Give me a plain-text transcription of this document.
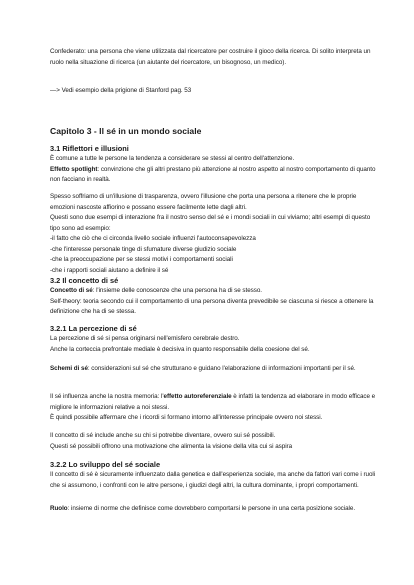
Confederato: una persona che viene utilizzata dal ricercatore per costruire il gioco della ricerca. Di solito interpreta un ruolo nella situazione di ricerca (un aiutante del ricercatore, un bisognoso, un medico).

—> Vedi esempio della prigione di Stanford pag. 53

Capitolo 3 - Il sé in un mondo sociale
3.1 Riflettori e illusioni

È comune a tutte le persone la tendenza a considerare se stessi al centro dell'attenzione.

Effetto spotlight: convinzione che gli altri prestano più attenzione al nostro aspetto al nostro comportamento di quanto non facciano in realtà.

Spesso soffriamo di un'illusione di trasparenza, ovvero l'illusione che porta una persona a ritenere che le proprie emozioni nascoste affiorino e possano essere facilmente lette dagli altri.

Questi sono due esempi di interazione fra il nostro senso del sé e i mondi sociali in cui viviamo; altri esempi di questo tipo sono ad esempio:

-il fatto che ciò che ci circonda livello sociale influenzi l'autoconsapevolezza

-che l'interesse personale tinge di sfumature diverse giudizio sociale

-che la preoccupazione per se stessi motivi i comportamenti sociali

-che i rapporti sociali aiutano a definire il sé

3.2 Il concetto di sé

Concetto di sé: l'insieme delle conoscenze che una persona ha di se stesso.

Self-theory: teoria secondo cui il comportamento di una persona diventa prevedibile se ciascuna si riesce a ottenere la definizione che ha di se stessa.

3.2.1 La percezione di sé

La percezione di sé si pensa originarsi nell'emisfero cerebrale destro.

Anche la corteccia prefrontale mediale è decisiva in quanto responsabile della coesione del sé.

Schemi di sé: considerazioni sul sé che strutturano e guidano l'elaborazione di informazioni importanti per il sé.

Il sé influenza anche la nostra memoria: l'effetto autoreferenziale è infatti la tendenza ad elaborare in modo efficace e migliore le informazioni relative a noi stessi.

È quindi possibile affermare che i ricordi si formano intorno all'interesse principale ovvero noi stessi.

Il concetto di sé include anche su chi si potrebbe diventare, ovvero sui sé possibili.

Questi sé possibili offrono una motivazione che alimenta la visione della vita cui si aspira

3.2.2 Lo sviluppo del sé sociale

Il concetto di sé è sicuramente influenzato dalla genetica e dall'esperienza sociale, ma anche da fattori vari come i ruoli che si assumono, i confronti con le altre persone, i giudizi degli altri, la cultura dominante, i propri comportamenti.

Ruolo: insieme di norme che definisce come dovrebbero comportarsi le persone in una certa posizione sociale.
